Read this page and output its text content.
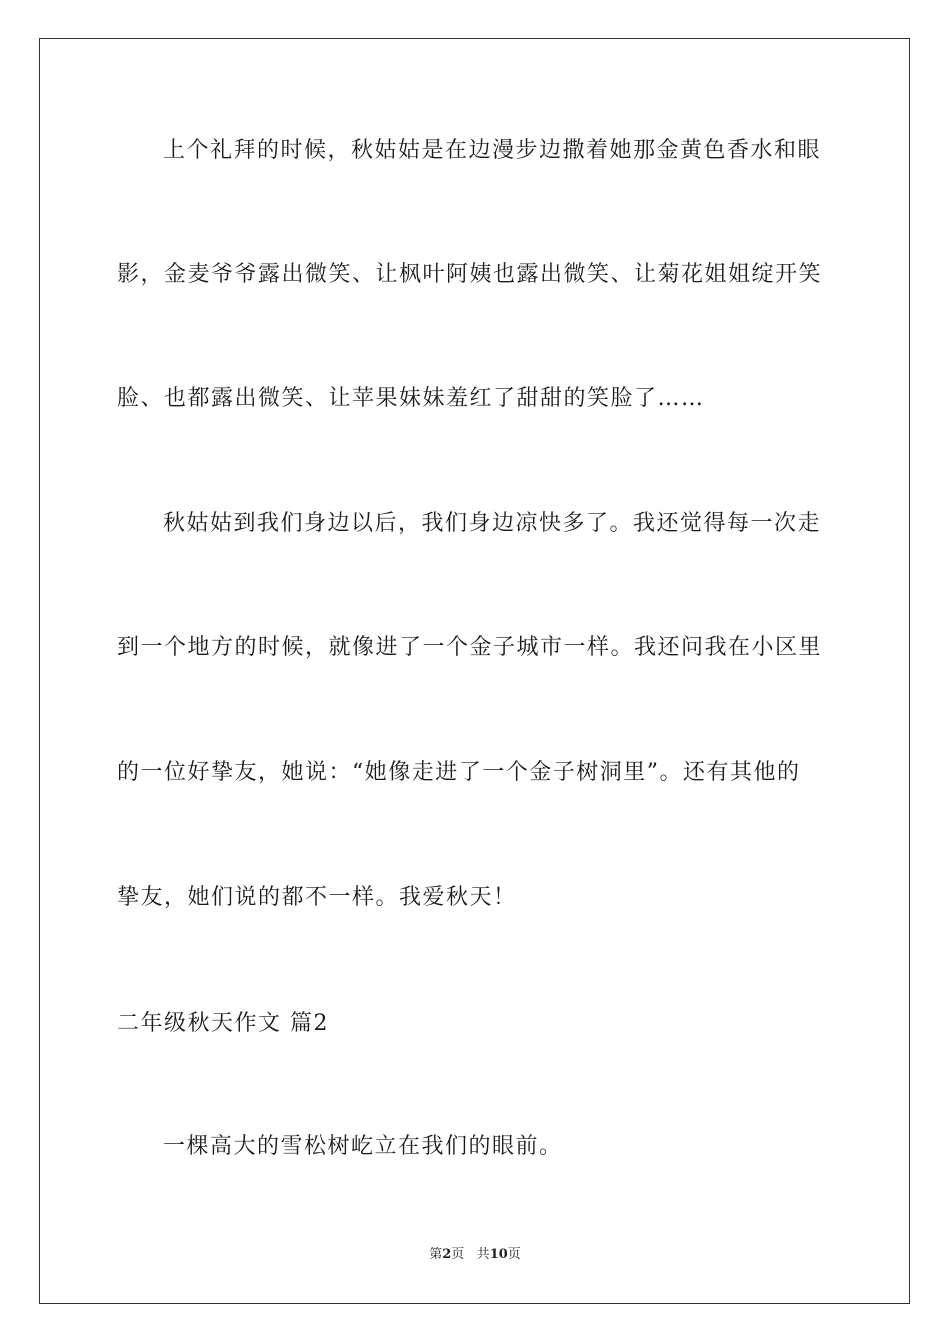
上个礼拜的时候，秋姑姑是在边漫步边撒着她那金黄色香水和眼
影，金麦爷爷露出微笑、让枫叶阿姨也露出微笑、让菊花姐姐绽开笑
脸、也都露出微笑、让苹果妹妹羞红了甜甜的笑脸了……
秋姑姑到我们身边以后，我们身边凉快多了。我还觉得每一次走
到一个地方的时候，就像进了一个金子城市一样。我还问我在小区里
的一位好挚友，她说：“她像走进了一个金子树洞里”。还有其他的
挚友，她们说的都不一样。我爱秋天！
二年级秋天作文 篇2
一棵高大的雪松树屹立在我们的眼前。
第2页 共10页
